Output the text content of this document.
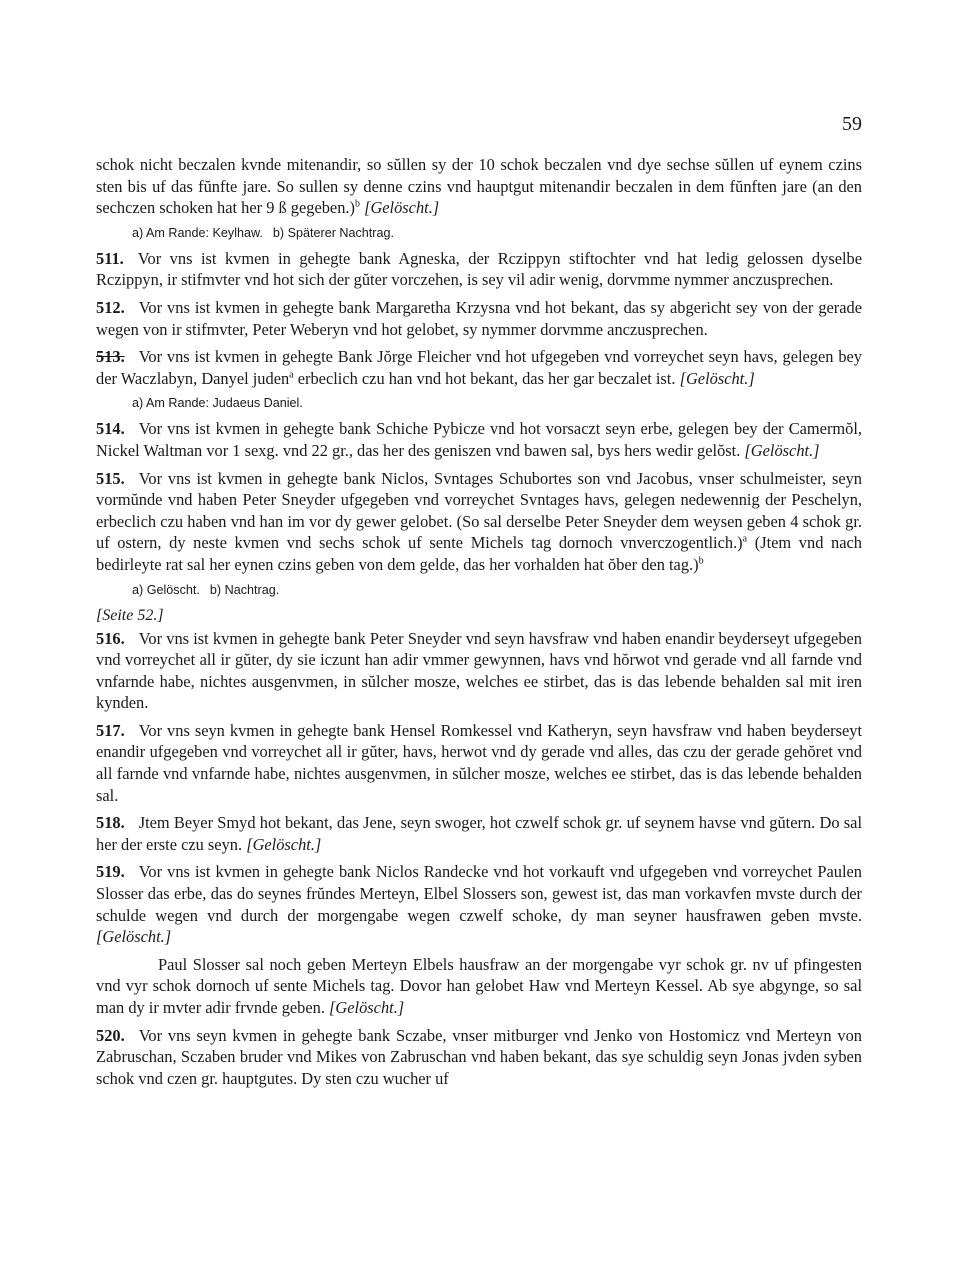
59

schok nicht beczalen kvnde mitenandir, so sŭllen sy der 10 schok beczalen vnd dye sechse sŭllen uf eynem czins sten bis uf das fŭnfte jare. So sullen sy denne czins vnd hauptgut mitenandir beczalen in dem fŭnften jare (an den sechczen schoken hat her 9 ß gegeben.)$^b$ [Gelöscht.]

a) Am Rande: Keylhaw. b) Späterer Nachtrag.

511. Vor vns ist kvmen in gehegte bank Agneska, der Rczippyn stiftochter vnd hat ledig gelossen dyselbe Rczippyn, ir stifmvter vnd hot sich der gŭter vorczehen, is sey vil adir wenig, dorvmme nymmer anczusprechen.

512. Vor vns ist kvmen in gehegte bank Margaretha Krzysna vnd hot bekant, das sy abgericht sey von der gerade wegen von ir stifmvter, Peter Weberyn vnd hot gelobet, sy nymmer dorvmme anczusprechen.

513. Vor vns ist kvmen in gehegte Bank Jŏrge Fleicher vnd hot ufgegeben vnd vorreychet seyn havs, gelegen bey der Waczlabyn, Danyel juden$^a$ erbeclich czu han vnd hot bekant, das her gar beczalet ist. [Gelöscht.]

a) Am Rande: Judaeus Daniel.

514. Vor vns ist kvmen in gehegte bank Schiche Pybicze vnd hot vorsaczt seyn erbe, gelegen bey der Camermŏl, Nickel Waltman vor 1 sexg. vnd 22 gr., das her des geniszen vnd bawen sal, bys hers wedir gelŏst. [Gelöscht.]

515. Vor vns ist kvmen in gehegte bank Niclos, Svntages Schubortes son vnd Jacobus, vnser schulmeister, seyn vormŭnde vnd haben Peter Sneyder ufgegeben vnd vorreychet Svntages havs, gelegen nedewennig der Peschelyn, erbeclich czu haben vnd han im vor dy gewer gelobet. (So sal derselbe Peter Sneyder dem weysen geben 4 schok gr. uf ostern, dy neste kvmen vnd sechs schok uf sente Michels tag dornoch vnverczogentlich.)$^a$ (Jtem vnd nach bedirleyte rat sal her eynen czins geben von dem gelde, das her vorhalden hat ŏber den tag.)$^b$

a) Gelöscht. b) Nachtrag.

[Seite 52.]

516. Vor vns ist kvmen in gehegte bank Peter Sneyder vnd seyn havsfraw vnd haben enandir beyderseyt ufgegeben vnd vorreychet all ir gŭter, dy sie iczunt han adir vmmer gewynnen, havs vnd hŏrwot vnd gerade vnd all farnde vnd vnfarnde habe, nichtes ausgenvmen, in sŭlcher mosze, welches ee stirbet, das is das lebende behalden sal mit iren kynden.

517. Vor vns seyn kvmen in gehegte bank Hensel Romkessel vnd Katheryn, seyn havsfraw vnd haben beyderseyt enandir ufgegeben vnd vorreychet all ir gŭter, havs, herwot vnd dy gerade vnd alles, das czu der gerade gehŏret vnd all farnde vnd vnfarnde habe, nichtes ausgenvmen, in sŭlcher mosze, welches ee stirbet, das is das lebende behalden sal.

518. Jtem Beyer Smyd hot bekant, das Jene, seyn swoger, hot czwelf schok gr. uf seynem havse vnd gŭtern. Do sal her der erste czu seyn. [Gelöscht.]

519. Vor vns ist kvmen in gehegte bank Niclos Randecke vnd hot vorkauft vnd ufgegeben vnd vorreychet Paulen Slosser das erbe, das do seynes frŭndes Merteyn, Elbel Slossers son, gewest ist, das man vorkavfen mvste durch der schulde wegen vnd durch der morgengabe wegen czwelf schoke, dy man seyner hausfrawen geben mvste. [Gelöscht.]

Paul Slosser sal noch geben Merteyn Elbels hausfraw an der morgengabe vyr schok gr. nv uf pfingesten vnd vyr schok dornoch uf sente Michels tag. Dovor han gelobet Haw vnd Merteyn Kessel. Ab sye abgynge, so sal man dy ir mvter adir frvnde geben. [Gelöscht.]

520. Vor vns seyn kvmen in gehegte bank Sczabe, vnser mitburger vnd Jenko von Hostomicz vnd Merteyn von Zabruschan, Sczaben bruder vnd Mikes von Zabruschan vnd haben bekant, das sye schuldig seyn Jonas jvden syben schok vnd czen gr. hauptgutes. Dy sten czu wucher uf
